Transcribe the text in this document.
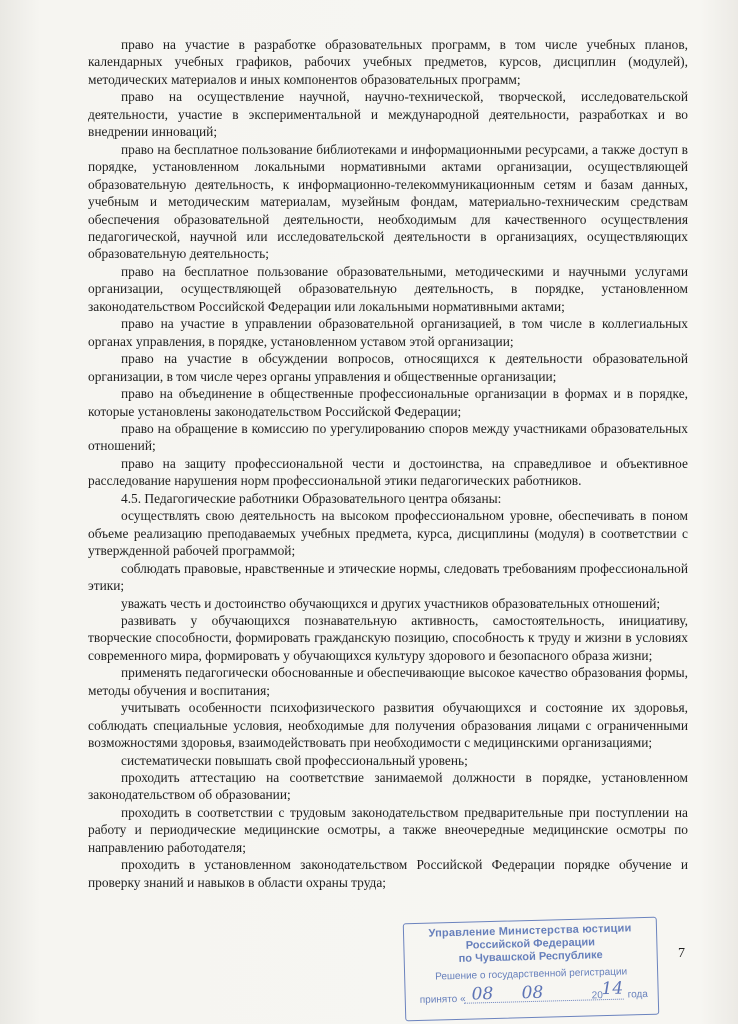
право на участие в разработке образовательных программ, в том числе учебных планов, календарных учебных графиков, рабочих учебных предметов, курсов, дисциплин (модулей), методических материалов и иных компонентов образовательных программ;

право на осуществление научной, научно-технической, творческой, исследовательской деятельности, участие в экспериментальной и международной деятельности, разработках и во внедрении инноваций;

право на бесплатное пользование библиотеками и информационными ресурсами, а также доступ в порядке, установленном локальными нормативными актами организации, осуществляющей образовательную деятельность, к информационно-телекоммуникационным сетям и базам данных, учебным и методическим материалам, музейным фондам, материально-техническим средствам обеспечения образовательной деятельности, необходимым для качественного осуществления педагогической, научной или исследовательской деятельности в организациях, осуществляющих образовательную деятельность;

право на бесплатное пользование образовательными, методическими и научными услугами организации, осуществляющей образовательную деятельность, в порядке, установленном законодательством Российской Федерации или локальными нормативными актами;

право на участие в управлении образовательной организацией, в том числе в коллегиальных органах управления, в порядке, установленном уставом этой организации;

право на участие в обсуждении вопросов, относящихся к деятельности образовательной организации, в том числе через органы управления и общественные организации;

право на объединение в общественные профессиональные организации в формах и в порядке, которые установлены законодательством Российской Федерации;

право на обращение в комиссию по урегулированию споров между участниками образовательных отношений;

право на защиту профессиональной чести и достоинства, на справедливое и объективное расследование нарушения норм профессиональной этики педагогических работников.

4.5. Педагогические работники Образовательного центра обязаны:

осуществлять свою деятельность на высоком профессиональном уровне, обеспечивать в поном объеме реализацию преподаваемых учебных предмета, курса, дисциплины (модуля) в соответствии с утвержденной рабочей программой;

соблюдать правовые, нравственные и этические нормы, следовать требованиям профессиональной этики;

уважать честь и достоинство обучающихся и других участников образовательных отношений;

развивать у обучающихся познавательную активность, самостоятельность, инициативу, творческие способности, формировать гражданскую позицию, способность к труду и жизни в условиях современного мира, формировать у обучающихся культуру здорового и безопасного образа жизни;

применять педагогически обоснованные и обеспечивающие высокое качество образования формы, методы обучения и воспитания;

учитывать особенности психофизического развития обучающихся и состояние их здоровья, соблюдать специальные условия, необходимые для получения образования лицами с ограниченными возможностями здоровья, взаимодействовать при необходимости с медицинскими организациями;

систематически повышать свой профессиональный уровень;

проходить аттестацию на соответствие занимаемой должности в порядке, установленном законодательством об образовании;

проходить в соответствии с трудовым законодательством предварительные при поступлении на работу и периодические медицинские осмотры, а также внеочередные медицинские осмотры по направлению работодателя;

проходить в установленном законодательством Российской Федерации порядке обучение и проверку знаний и навыков в области охраны труда;

7
Управление Министерства юстиции
Российской Федерации
по Чувашской Республике
Решение о государственной регистрации
принято « 08 08	20
14 года
